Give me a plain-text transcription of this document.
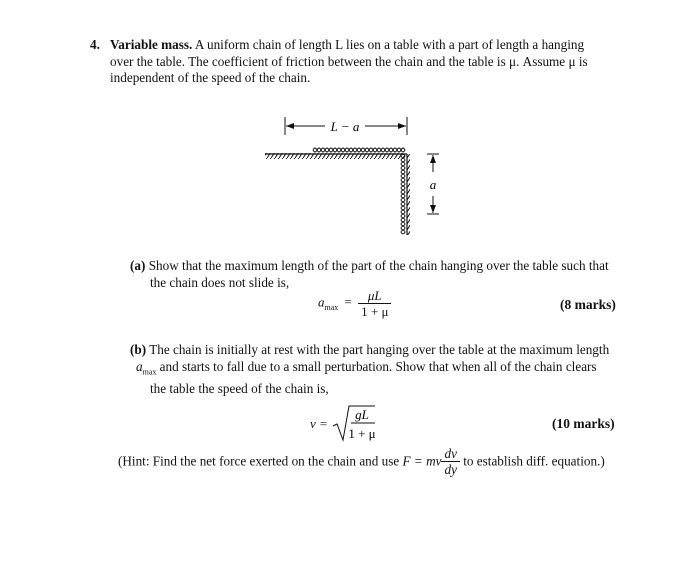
4. Variable mass. A uniform chain of length L lies on a table with a part of length a hanging
over the table. The coefficient of friction between the chain and the table is μ. Assume μ is
independent of the speed of the chain.
L − a
a
(a) Show that the maximum length of the part of the chain hanging over the table such that
the chain does not slide is,
$a_{max} = \frac{\mu L}{1 + \mu}$	(8 marks)
(b) The chain is initially at rest with the part hanging over the table at the maximum length
$a_{max}$ and starts to fall due to a small perturbation. Show that when all of the chain clears
the table the speed of the chain is,
v =
gL
1 + μ
(10 marks)
(Hint: Find the net force exerted on the chain and use F = mv $\frac{dv}{dy}$ to establish diff. equation.)
